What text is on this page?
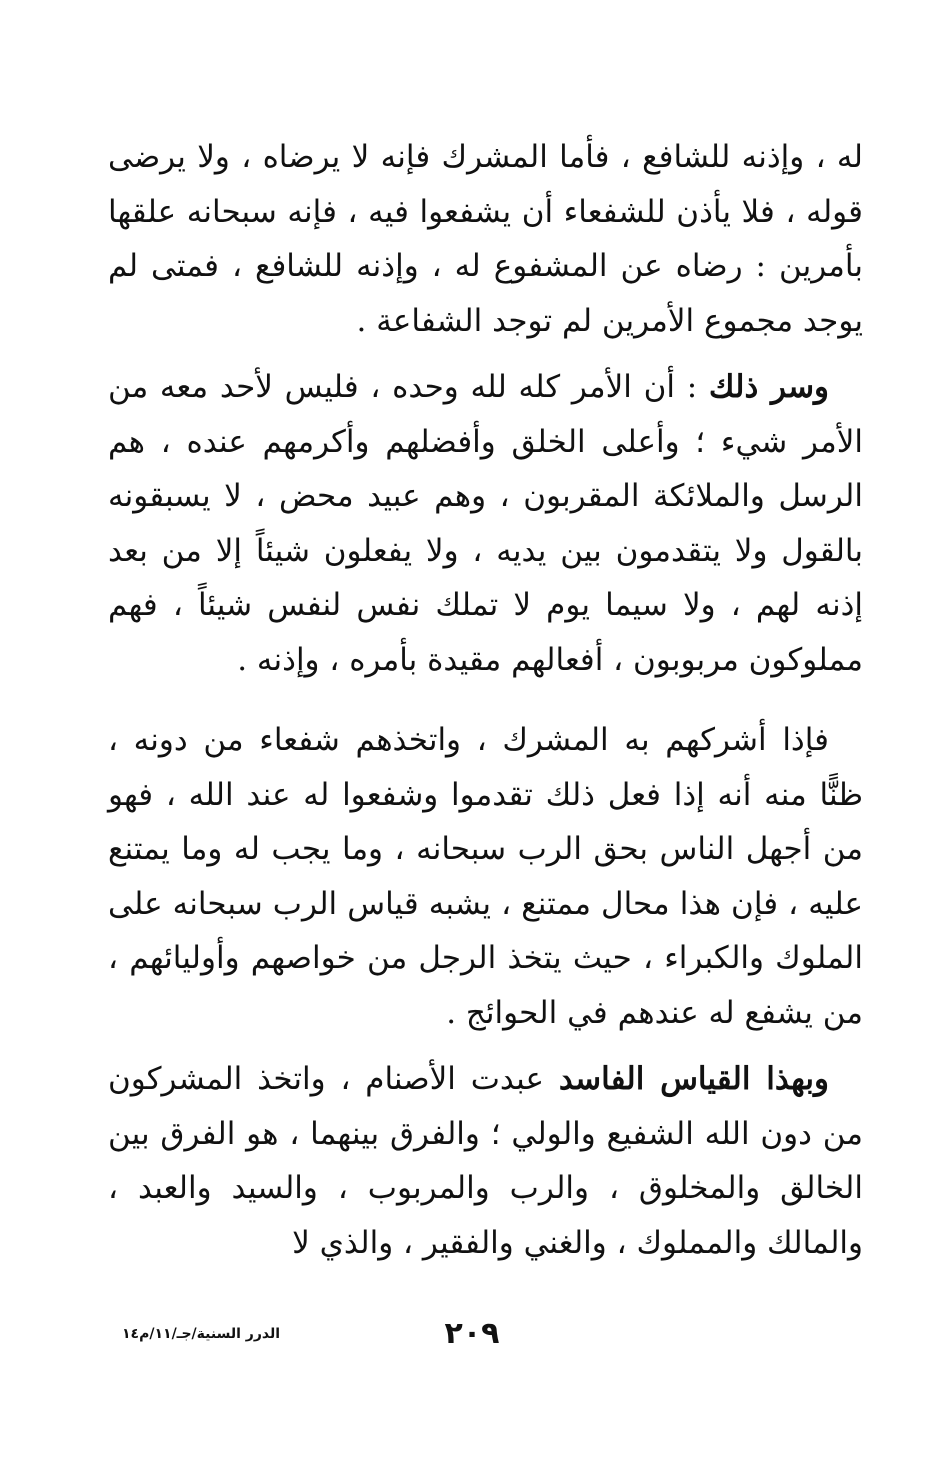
له ، وإذنه للشافع ، فأما المشرك فإنه لا يرضاه ، ولا يرضى قوله ، فلا يأذن للشفعاء أن يشفعوا فيه ، فإنه سبحانه علقها بأمرين : رضاه عن المشفوع له ، وإذنه للشافع ، فمتى لم يوجد مجموع الأمرين لم توجد الشفاعة .

وسر ذلك : أن الأمر كله لله وحده ، فليس لأحد معه من الأمر شيء ؛ وأعلى الخلق وأفضلهم وأكرمهم عنده ، هم الرسل والملائكة المقربون ، وهم عبيد محض ، لا يسبقونه بالقول ولا يتقدمون بين يديه ، ولا يفعلون شيئاً إلا من بعد إذنه لهم ، ولا سيما يوم لا تملك نفس لنفس شيئاً ، فهم مملوكون مربوبون ، أفعالهم مقيدة بأمره ، وإذنه .

فإذا أشركهم به المشرك ، واتخذهم شفعاء من دونه ، ظنًّا منه أنه إذا فعل ذلك تقدموا وشفعوا له عند الله ، فهو من أجهل الناس بحق الرب سبحانه ، وما يجب له وما يمتنع عليه ، فإن هذا محال ممتنع ، يشبه قياس الرب سبحانه على الملوك والكبراء ، حيث يتخذ الرجل من خواصهم وأوليائهم ، من يشفع له عندهم في الحوائج .

وبهذا القياس الفاسد عبدت الأصنام ، واتخذ المشركون من دون الله الشفيع والولي ؛ والفرق بينهما ، هو الفرق بين الخالق والمخلوق ، والرب والمربوب ، والسيد والعبد ، والمالك والمملوك ، والغني والفقير ، والذي لا

٢٠٩
الدرر السنية/جـ/١١/م١٤
